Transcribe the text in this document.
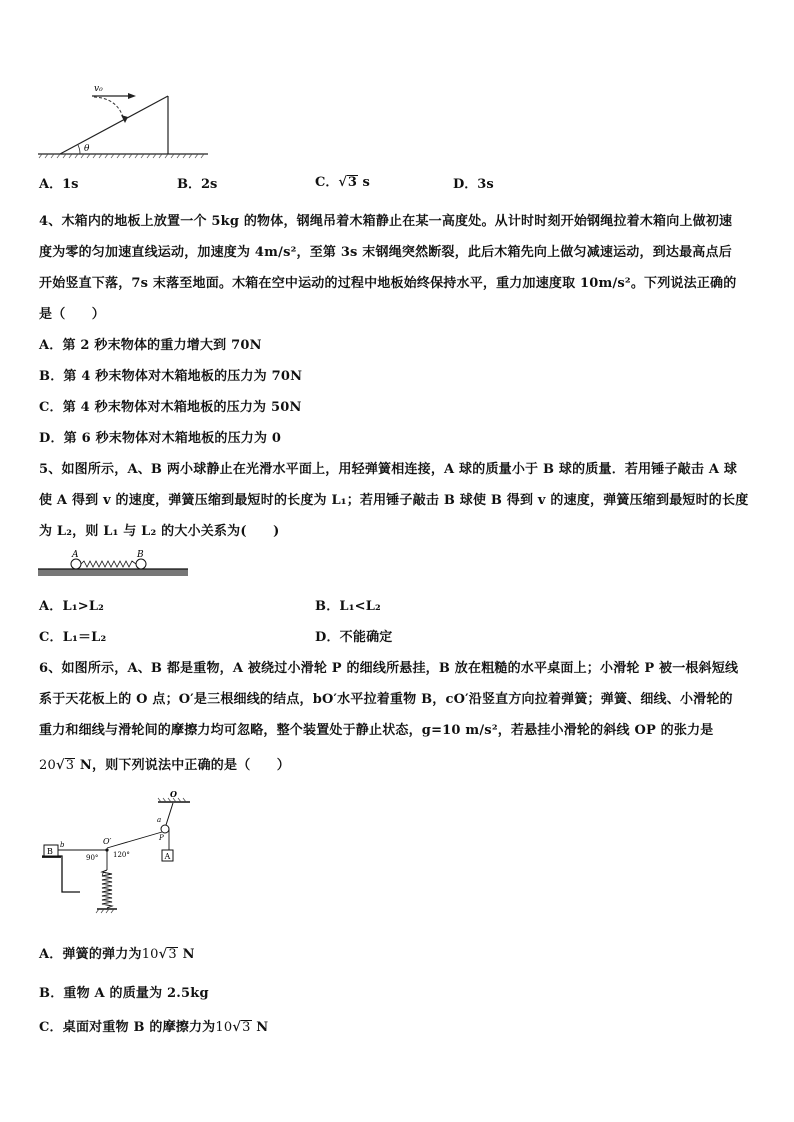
θ
v₀
A．1s	B．2s	C．√3 s	D．3s
4、木箱内的地板上放置一个 5kg 的物体，钢绳吊着木箱静止在某一高度处。从计时时刻开始钢绳拉着木箱向上做初速
度为零的匀加速直线运动，加速度为 4m/s²，至第 3s 末钢绳突然断裂，此后木箱先向上做匀减速运动，到达最高点后
开始竖直下落，7s 末落至地面。木箱在空中运动的过程中地板始终保持水平，重力加速度取 10m/s²。下列说法正确的
是（　　）
A．第 2 秒末物体的重力增大到 70N
B．第 4 秒末物体对木箱地板的压力为 70N
C．第 4 秒末物体对木箱地板的压力为 50N
D．第 6 秒末物体对木箱地板的压力为 0
5、如图所示，A、B 两小球静止在光滑水平面上，用轻弹簧相连接，A 球的质量小于 B 球的质量．若用锤子敲击 A 球
使 A 得到 v 的速度，弹簧压缩到最短时的长度为 L₁；若用锤子敲击 B 球使 B 得到 v 的速度，弹簧压缩到最短时的长度
为 L₂，则 L₁ 与 L₂ 的大小关系为(　　)
A	B
A．L₁>L₂	B．L₁<L₂
C．L₁＝L₂	D．不能确定
6、如图所示，A、B 都是重物，A 被绕过小滑轮 P 的细线所悬挂，B 放在粗糙的水平桌面上；小滑轮 P 被一根斜短线
系于天花板上的 O 点；O′是三根细线的结点，bO′水平拉着重物 B，cO′沿竖直方向拉着弹簧；弹簧、细线、小滑轮的
重力和细线与滑轮间的摩擦力均可忽略，整个装置处于静止状态，g=10 m/s²，若悬挂小滑轮的斜线 OP 的张力是
20√3 N，则下列说法中正确的是（　　）
O
a
P
A
B
b	O′
90° 120°
c
A．弹簧的弹力为10√3 N
B．重物 A 的质量为 2.5kg
C．桌面对重物 B 的摩擦力为10√3 N
